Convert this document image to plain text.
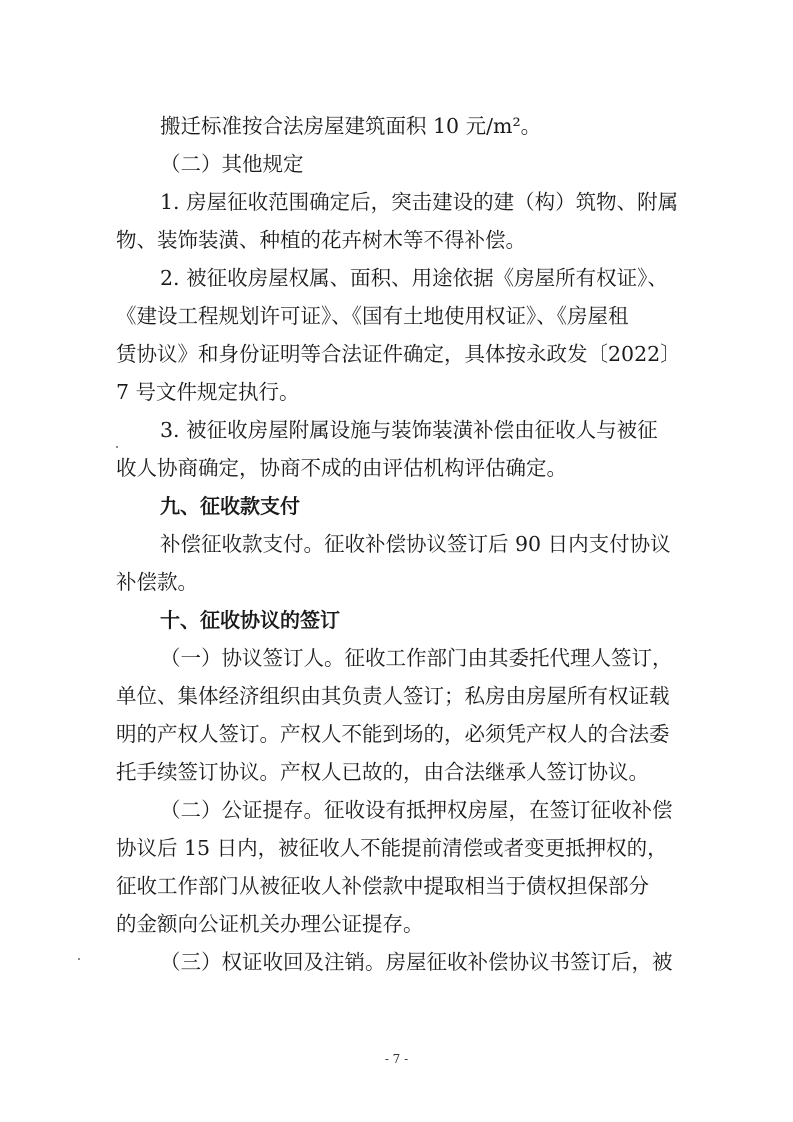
搬迁标准按合法房屋建筑面积 10 元/m²。
（二）其他规定
1. 房屋征收范围确定后，突击建设的建（构）筑物、附属
物、装饰装潢、种植的花卉树木等不得补偿。
2. 被征收房屋权属、面积、用途依据《房屋所有权证》、
《建设工程规划许可证》、《国有土地使用权证》、《房屋租
赁协议》和身份证明等合法证件确定，具体按永政发〔2022〕
7 号文件规定执行。
3. 被征收房屋附属设施与装饰装潢补偿由征收人与被征
收人协商确定，协商不成的由评估机构评估确定。
九、征收款支付
补偿征收款支付。征收补偿协议签订后 90 日内支付协议
补偿款。
十、征收协议的签订
（一）协议签订人。征收工作部门由其委托代理人签订，
单位、集体经济组织由其负责人签订；私房由房屋所有权证载
明的产权人签订。产权人不能到场的，必须凭产权人的合法委
托手续签订协议。产权人已故的，由合法继承人签订协议。
（二）公证提存。征收设有抵押权房屋，在签订征收补偿
协议后 15 日内，被征收人不能提前清偿或者变更抵押权的，
征收工作部门从被征收人补偿款中提取相当于债权担保部分
的金额向公证机关办理公证提存。
（三）权证收回及注销。房屋征收补偿协议书签订后，被
- 7 -
